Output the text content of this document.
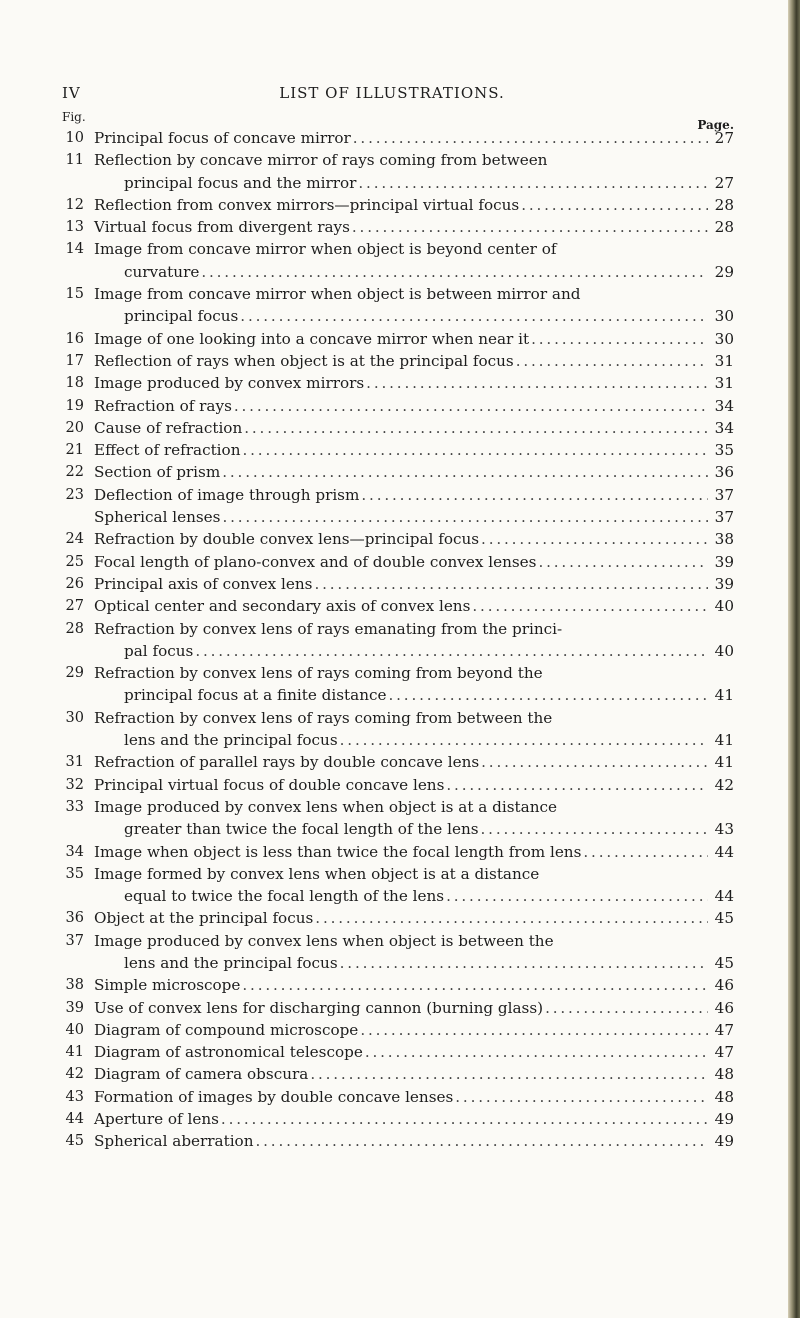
IV	LIST OF ILLUSTRATIONS.
Fig.
Page.
10 Principal focus of concave mirror . . .	27
11 Reflection by concave mirror of rays coming from between
principal focus and the mirror . . .	27
12 Reflection from convex mirrors—principal virtual focus . . .	28
13 Virtual focus from divergent rays . . .	28
14 Image from concave mirror when object is beyond center of
curvature . . .	29
15 Image from concave mirror when object is between mirror and
principal focus . . .	30
16 Image of one looking into a concave mirror when near it . . .	30
17 Reflection of rays when object is at the principal focus . . .	31
18 Image produced by convex mirrors . . .	31
19 Refraction of rays . . .	34
20 Cause of refraction . . .	34
21 Effect of refraction . . .	35
22 Section of prism . . .	36
23 Deflection of image through prism . . .	37
Spherical lenses . . .	37
24 Refraction by double convex lens—principal focus . . .	38
25 Focal length of plano-convex and of double convex lenses . . .	39
26 Principal axis of convex lens . . .	39
27 Optical center and secondary axis of convex lens . . .	40
28 Refraction by convex lens of rays emanating from the princi-
pal focus . . .	40
29 Refraction by convex lens of rays coming from beyond the
principal focus at a finite distance . . .	41
30 Refraction by convex lens of rays coming from between the
lens and the principal focus . . .	41
31 Refraction of parallel rays by double concave lens . . .	41
32 Principal virtual focus of double concave lens . . .	42
33 Image produced by convex lens when object is at a distance
greater than twice the focal length of the lens . . .	43
34 Image when object is less than twice the focal length from lens . . .	44
35 Image formed by convex lens when object is at a distance
equal to twice the focal length of the lens . . .	44
36 Object at the principal focus . . .	45
37 Image produced by convex lens when object is between the
lens and the principal focus . . .	45
38 Simple microscope . . .	46
39 Use of convex lens for discharging cannon (burning glass) . . .	46
40 Diagram of compound microscope . . .	47
41 Diagram of astronomical telescope . . .	47
42 Diagram of camera obscura . . .	48
43 Formation of images by double concave lenses . . .	48
44 Aperture of lens . . .	49
45 Spherical aberration . . .	49
